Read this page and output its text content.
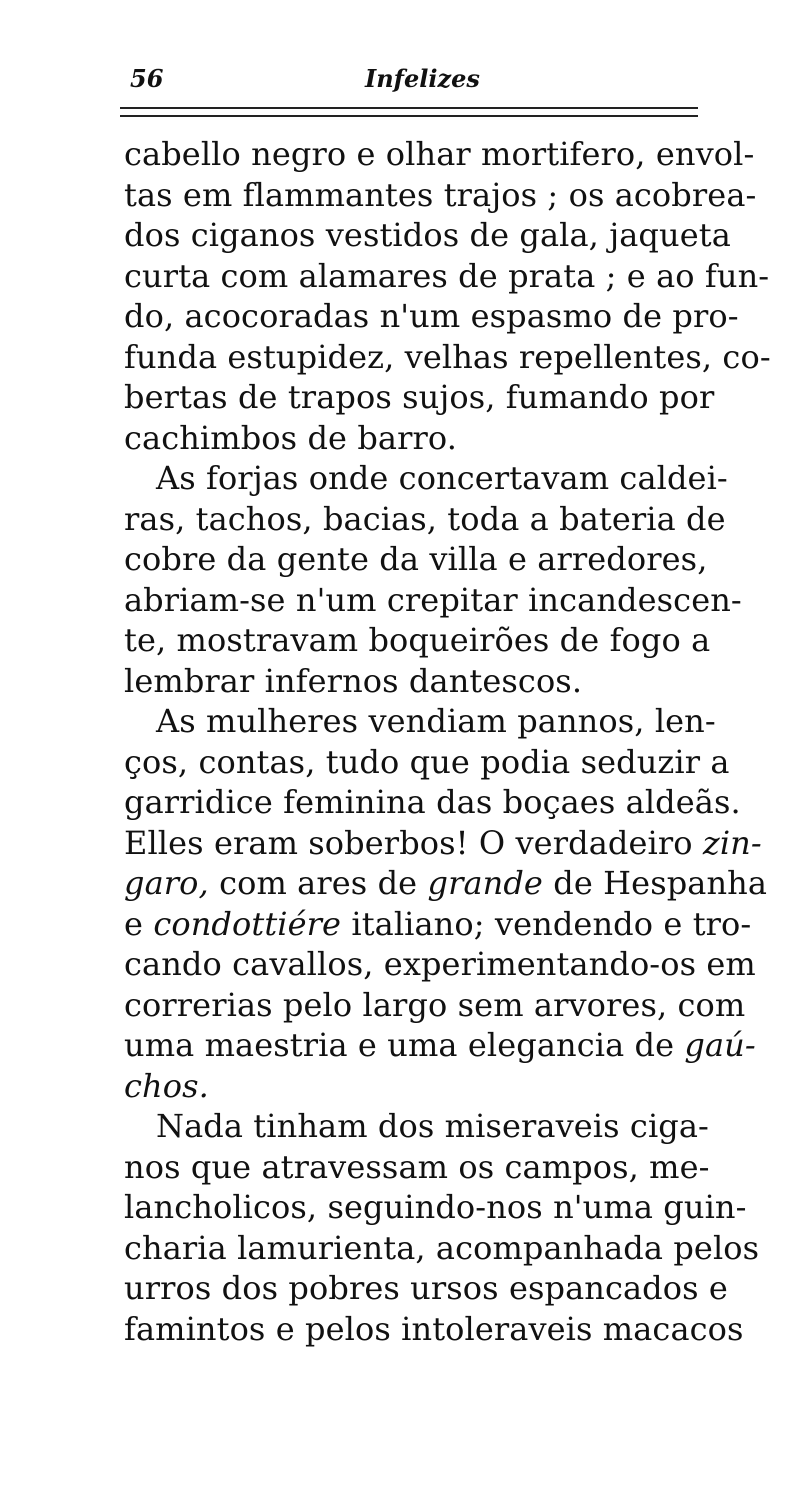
56	Infelizes
cabello negro e olhar mortifero, envol-
tas em flammantes trajos ; os acobrea-
dos ciganos vestidos de gala, jaqueta
curta com alamares de prata ; e ao fun-
do, acocoradas n'um espasmo de pro-
funda estupidez, velhas repellentes, co-
bertas de trapos sujos, fumando por
cachimbos de barro.
As forjas onde concertavam caldei-
ras, tachos, bacias, toda a bateria de
cobre da gente da villa e arredores,
abriam-se n'um crepitar incandescen-
te, mostravam boqueirões de fogo a
lembrar infernos dantescos.
As mulheres vendiam pannos, len-
ços, contas, tudo que podia seduzir a
garridice feminina das boçaes aldeãs.
Elles eram soberbos! O verdadeiro zin-
garo, com ares de grande de Hespanha
e condottiére italiano; vendendo e tro-
cando cavallos, experimentando-os em
correrias pelo largo sem arvores, com
uma maestria e uma elegancia de gaú-
chos.
Nada tinham dos miseraveis ciga-
nos que atravessam os campos, me-
lancholicos, seguindo-nos n'uma guin-
charia lamurienta, acompanhada pelos
urros dos pobres ursos espancados e
famintos e pelos intoleraveis macacos
